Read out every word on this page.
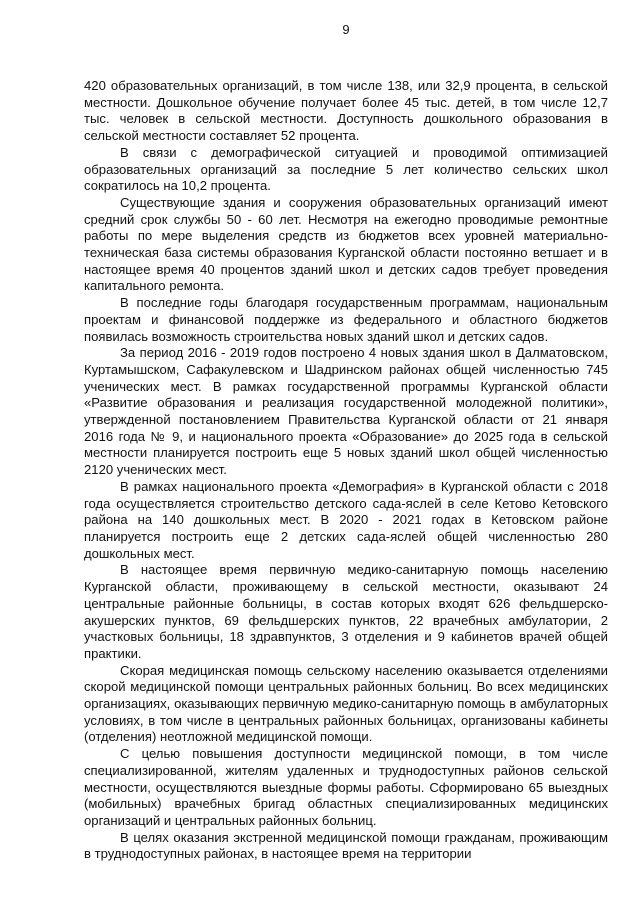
9

420 образовательных организаций, в том числе 138, или 32,9 процента, в сельской местности. Дошкольное обучение получает более 45 тыс. детей, в том числе 12,7 тыс. человек в сельской местности. Доступность дошкольного образования в сельской местности составляет 52 процента.

В связи с демографической ситуацией и проводимой оптимизацией образовательных организаций за последние 5 лет количество сельских школ сократилось на 10,2 процента.

Существующие здания и сооружения образовательных организаций имеют средний срок службы 50 - 60 лет. Несмотря на ежегодно проводимые ремонтные работы по мере выделения средств из бюджетов всех уровней материально-техническая база системы образования Курганской области постоянно ветшает и в настоящее время 40 процентов зданий школ и детских садов требует проведения капитального ремонта.

В последние годы благодаря государственным программам, национальным проектам и финансовой поддержке из федерального и областного бюджетов появилась возможность строительства новых зданий школ и детских садов.

За период 2016 - 2019 годов построено 4 новых здания школ в Далматовском, Куртамышском, Сафакулевском и Шадринском районах общей численностью 745 ученических мест. В рамках государственной программы Курганской области «Развитие образования и реализация государственной молодежной политики», утвержденной постановлением Правительства Курганской области от 21 января 2016 года № 9, и национального проекта «Образование» до 2025 года в сельской местности планируется построить еще 5 новых зданий школ общей численностью 2120 ученических мест.

В рамках национального проекта «Демография» в Курганской области с 2018 года осуществляется строительство детского сада-яслей в селе Кетово Кетовского района на 140 дошкольных мест. В 2020 - 2021 годах в Кетовском районе планируется построить еще 2 детских сада-яслей общей численностью 280 дошкольных мест.

В настоящее время первичную медико-санитарную помощь населению Курганской области, проживающему в сельской местности, оказывают 24 центральные районные больницы, в состав которых входят 626 фельдшерско-акушерских пунктов, 69 фельдшерских пунктов, 22 врачебных амбулатории, 2 участковых больницы, 18 здравпунктов, 3 отделения и 9 кабинетов врачей общей практики.

Скорая медицинская помощь сельскому населению оказывается отделениями скорой медицинской помощи центральных районных больниц. Во всех медицинских организациях, оказывающих первичную медико-санитарную помощь в амбулаторных условиях, в том числе в центральных районных больницах, организованы кабинеты (отделения) неотложной медицинской помощи.

С целью повышения доступности медицинской помощи, в том числе специализированной, жителям удаленных и труднодоступных районов сельской местности, осуществляются выездные формы работы. Сформировано 65 выездных (мобильных) врачебных бригад областных специализированных медицинских организаций и центральных районных больниц.

В целях оказания экстренной медицинской помощи гражданам, проживающим в труднодоступных районах, в настоящее время на территории
